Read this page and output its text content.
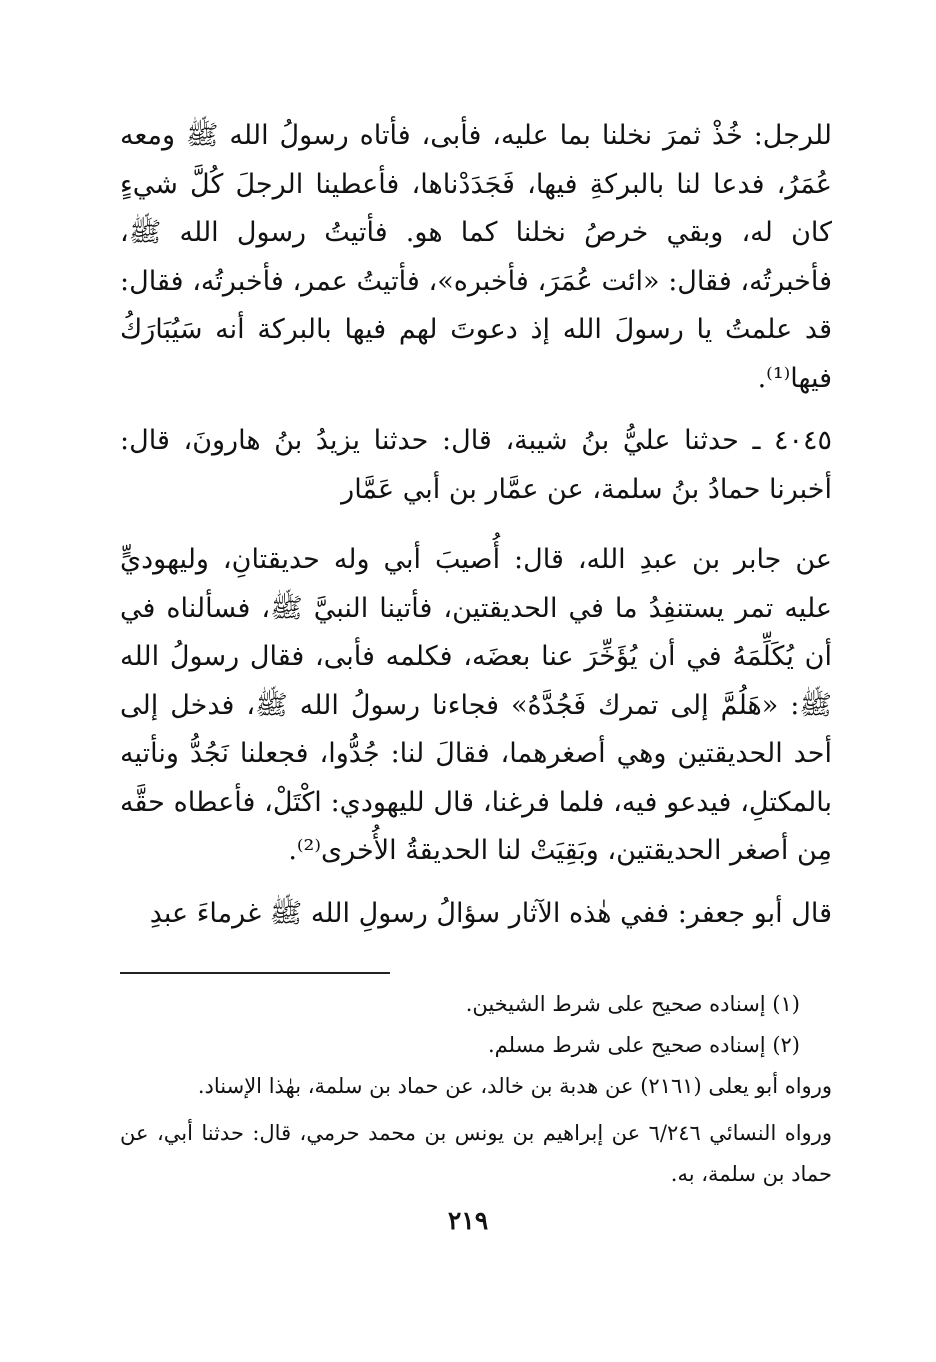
للرجل: خُذْ ثمرَ نخلنا بما عليه، فأبى، فأتاه رسولُ الله ﷺ ومعه عُمَرُ، فدعا لنا بالبركةِ فيها، فَجَدَدْناها، فأعطينا الرجلَ كُلَّ شيءٍ كان له، وبقي خرصُ نخلنا كما هو. فأتيتُ رسول الله ﷺ، فأخبرتُه، فقال: «ائت عُمَرَ، فأخبره»، فأتيتُ عمر، فأخبرتُه، فقال: قد علمتُ يا رسولَ الله إذ دعوتَ لهم فيها بالبركة أنه سَيُبَارَكُ فيها⁽¹⁾.

٤٠٤٥ ـ حدثنا عليُّ بنُ شيبة، قال: حدثنا يزيدُ بنُ هارونَ، قال: أخبرنا حمادُ بنُ سلمة، عن عمَّار بن أبي عَمَّار

عن جابر بن عبدِ الله، قال: أُصيبَ أبي وله حديقتانِ، وليهوديٍّ عليه تمر يستنفِدُ ما في الحديقتين، فأتينا النبيَّ ﷺ، فسألناه في أن يُكَلِّمَهُ في أن يُؤَخِّرَ عنا بعضَه، فكلمه فأبى، فقال رسولُ الله ﷺ: «هَلُمَّ إلى تمرك فَجُدَّهُ» فجاءنا رسولُ الله ﷺ، فدخل إلى أحد الحديقتين وهي أصغرهما، فقالَ لنا: جُدُّوا، فجعلنا نَجُدُّ ونأتيه بالمكتلِ، فيدعو فيه، فلما فرغنا، قال لليهودي: اكْتَلْ، فأعطاه حقَّه مِن أصغر الحديقتين، وبَقِيَتْ لنا الحديقةُ الأُخرى⁽²⁾.

قال أبو جعفر: ففي هٰذه الآثار سؤالُ رسولِ الله ﷺ غرماءَ عبدِ

(١) إسناده صحيح على شرط الشيخين.

(٢) إسناده صحيح على شرط مسلم.

ورواه أبو يعلى (٢١٦١) عن هدبة بن خالد، عن حماد بن سلمة، بهٰذا الإسناد.

ورواه النسائي ٦/٢٤٦ عن إبراهيم بن يونس بن محمد حرمي، قال: حدثنا أبي، عن حماد بن سلمة، به.

٢١٩
